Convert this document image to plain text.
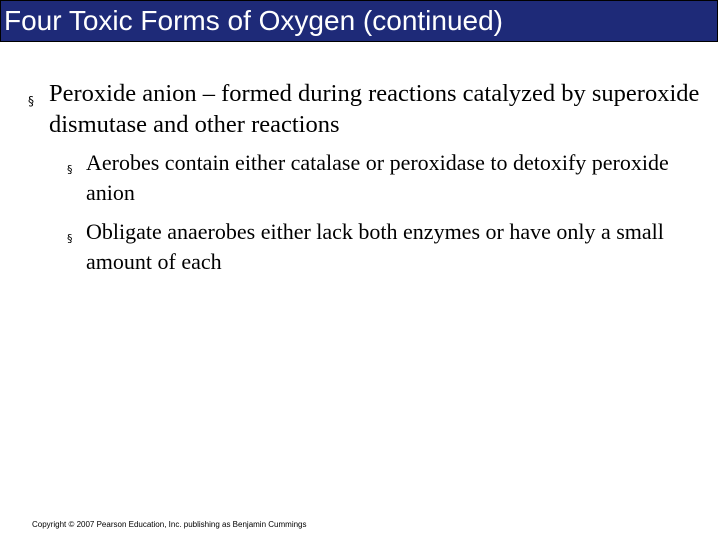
Four Toxic Forms of Oxygen (continued)
§ Peroxide anion – formed during reactions catalyzed by superoxide dismutase and other reactions
§ Aerobes contain either catalase or peroxidase to detoxify peroxide anion
§ Obligate anaerobes either lack both enzymes or have only a small amount of each
Copyright © 2007 Pearson Education, Inc. publishing as Benjamin Cummings
